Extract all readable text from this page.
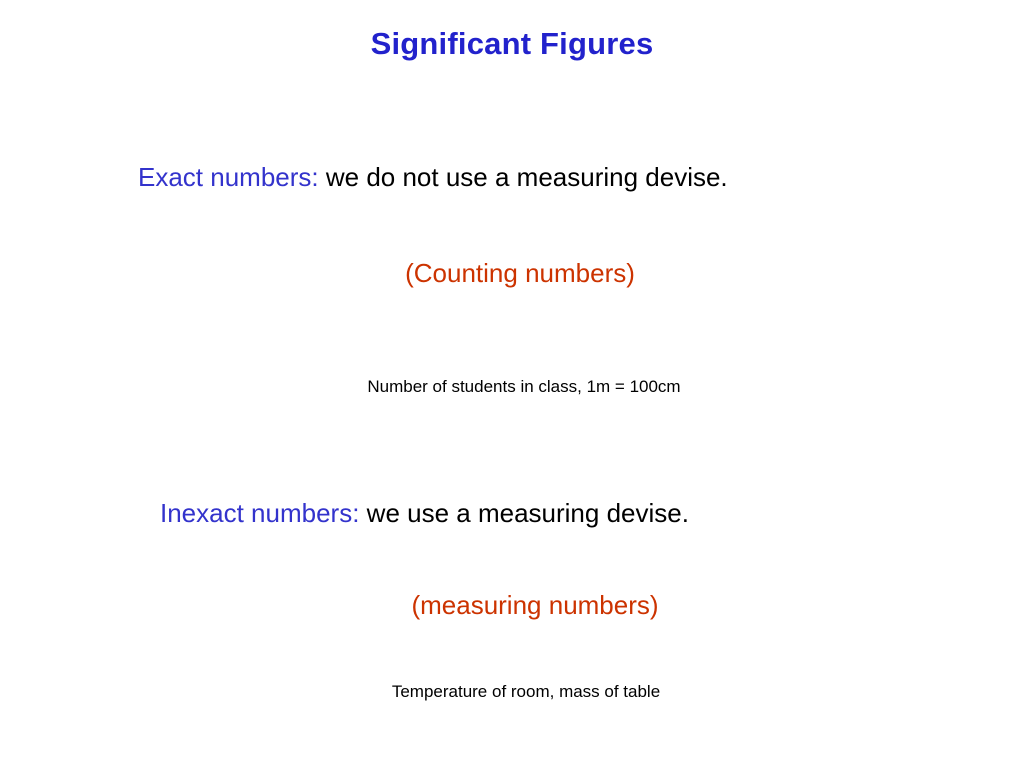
Significant Figures
Exact numbers: we do not use a measuring devise.
(Counting numbers)
Number of students in class, 1m = 100cm
Inexact numbers: we use a measuring devise.
(measuring numbers)
Temperature of room, mass of table
